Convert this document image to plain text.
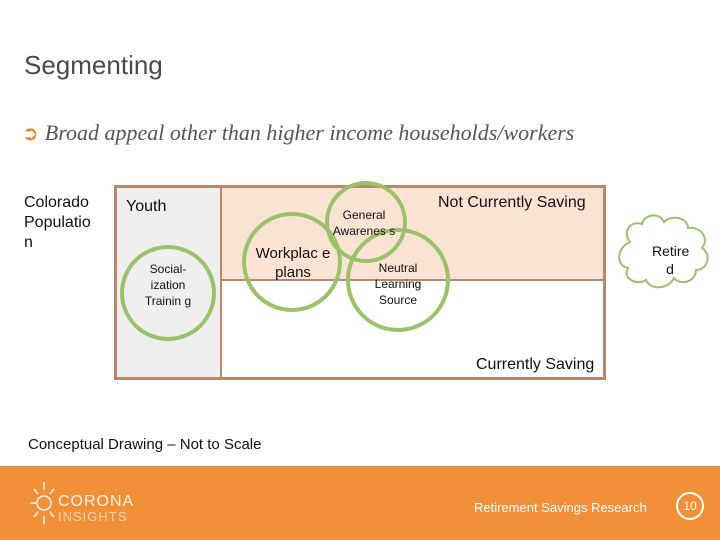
Segmenting
➲ Broad appeal other than higher income households/workers
Colorado Populatio n
Youth
Social-ization Trainin g
Not Currently Saving
Currently Saving
Workplac e plans
General Awarenes s
Neutral Learning Source
Retire d
Conceptual Drawing – Not to Scale
CORONA
INSIGHTS
Retirement Savings Research	10
